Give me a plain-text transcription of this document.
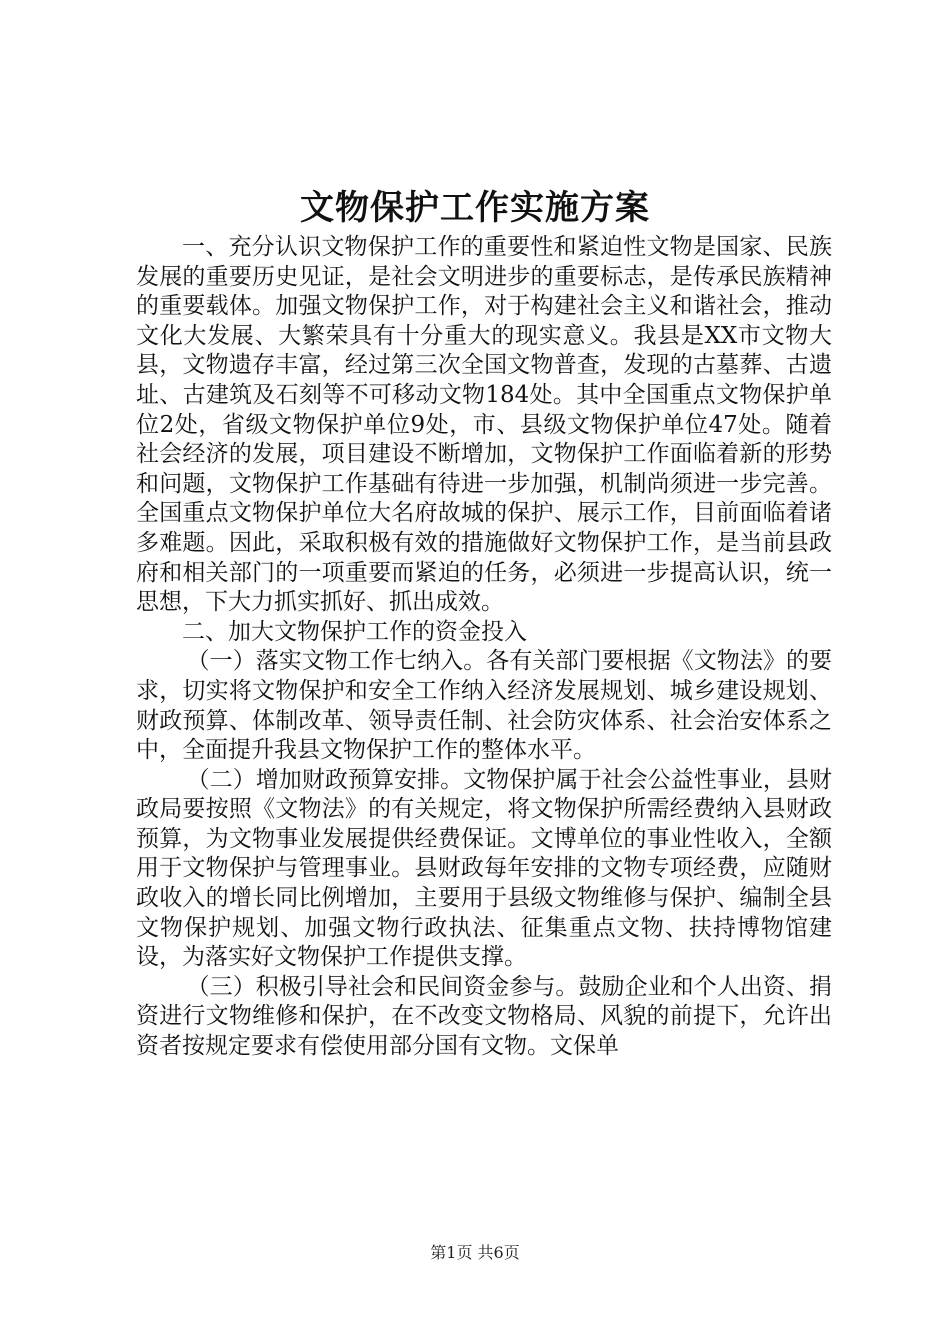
文物保护工作实施方案

一、充分认识文物保护工作的重要性和紧迫性文物是国家、民族发展的重要历史见证，是社会文明进步的重要标志，是传承民族精神的重要载体。加强文物保护工作，对于构建社会主义和谐社会，推动文化大发展、大繁荣具有十分重大的现实意义。我县是XX市文物大县，文物遗存丰富，经过第三次全国文物普查，发现的古墓葬、古遗址、古建筑及石刻等不可移动文物184处。其中全国重点文物保护单位2处，省级文物保护单位9处，市、县级文物保护单位47处。随着社会经济的发展，项目建设不断增加，文物保护工作面临着新的形势和问题，文物保护工作基础有待进一步加强，机制尚须进一步完善。全国重点文物保护单位大名府故城的保护、展示工作，目前面临着诸多难题。因此，采取积极有效的措施做好文物保护工作，是当前县政府和相关部门的一项重要而紧迫的任务，必须进一步提高认识，统一思想，下大力抓实抓好、抓出成效。

二、加大文物保护工作的资金投入

（一）落实文物工作七纳入。各有关部门要根据《文物法》的要求，切实将文物保护和安全工作纳入经济发展规划、城乡建设规划、财政预算、体制改革、领导责任制、社会防灾体系、社会治安体系之中，全面提升我县文物保护工作的整体水平。

（二）增加财政预算安排。文物保护属于社会公益性事业，县财政局要按照《文物法》的有关规定，将文物保护所需经费纳入县财政预算，为文物事业发展提供经费保证。文博单位的事业性收入，全额用于文物保护与管理事业。县财政每年安排的文物专项经费，应随财政收入的增长同比例增加，主要用于县级文物维修与保护、编制全县文物保护规划、加强文物行政执法、征集重点文物、扶持博物馆建设，为落实好文物保护工作提供支撑。

（三）积极引导社会和民间资金参与。鼓励企业和个人出资、捐资进行文物维修和保护，在不改变文物格局、风貌的前提下，允许出资者按规定要求有偿使用部分国有文物。文保单

第1页 共6页
